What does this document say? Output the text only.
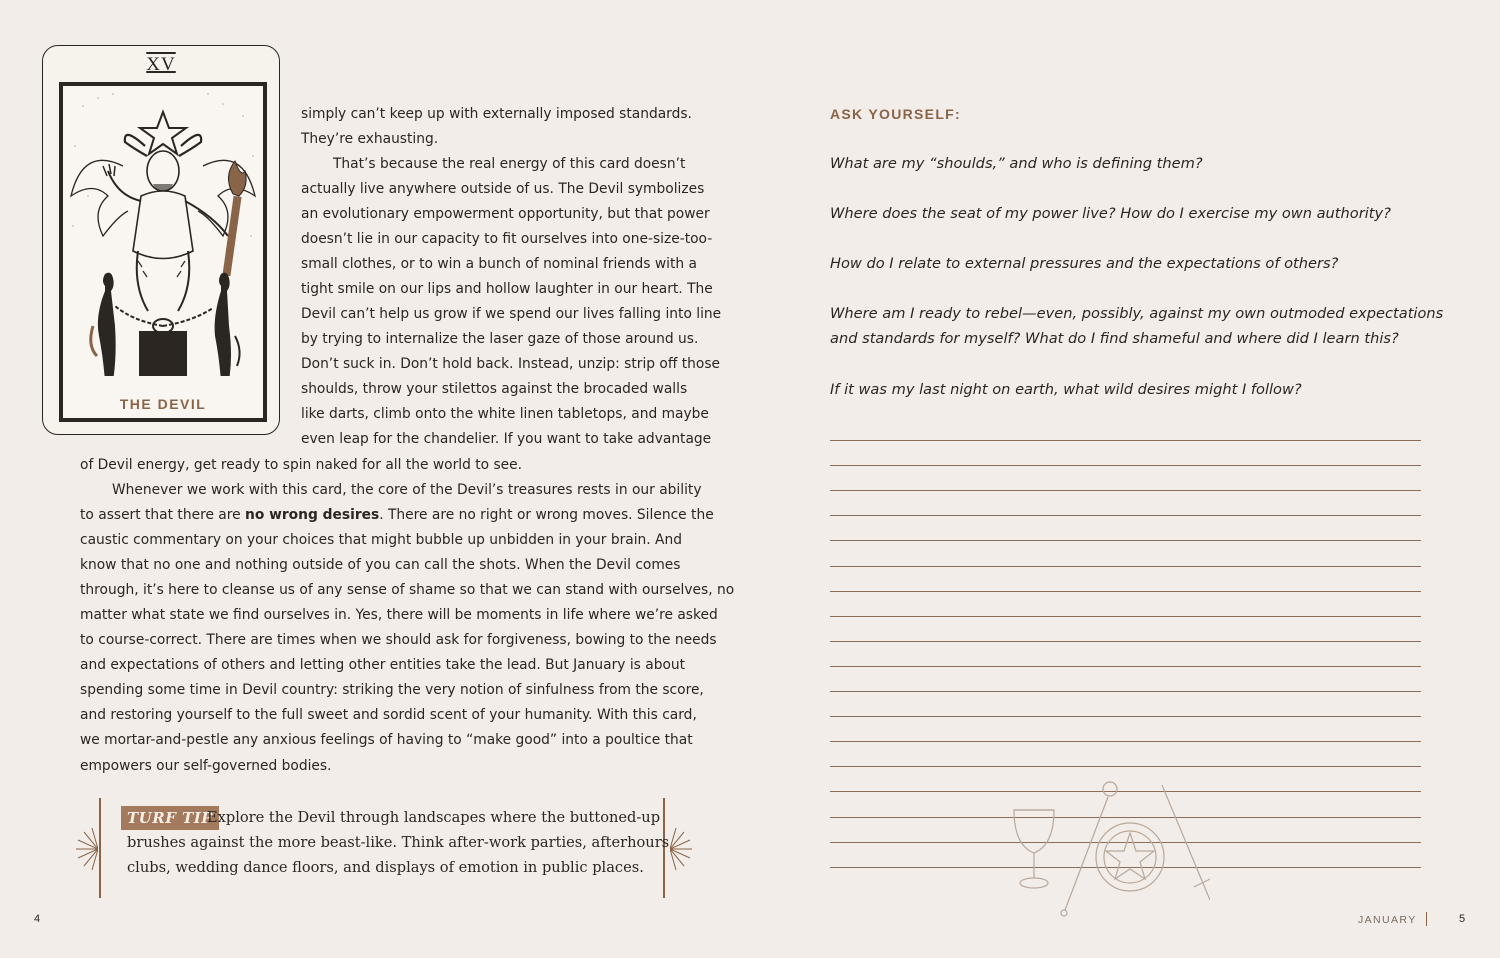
XV
THE DEVIL
simply can’t keep up with externally imposed standards.
They’re exhausting.
That’s because the real energy of this card doesn’t
actually live anywhere outside of us. The Devil symbolizes
an evolutionary empowerment opportunity, but that power
doesn’t lie in our capacity to fit ourselves into one-size-too-
small clothes, or to win a bunch of nominal friends with a
tight smile on our lips and hollow laughter in our heart. The
Devil can’t help us grow if we spend our lives falling into line
by trying to internalize the laser gaze of those around us.
Don’t suck in. Don’t hold back. Instead, unzip: strip off those
shoulds, throw your stilettos against the brocaded walls
like darts, climb onto the white linen tabletops, and maybe
even leap for the chandelier. If you want to take advantage
of Devil energy, get ready to spin naked for all the world to see.
Whenever we work with this card, the core of the Devil’s treasures rests in our ability
to assert that there are no wrong desires. There are no right or wrong moves. Silence the
caustic commentary on your choices that might bubble up unbidden in your brain. And
know that no one and nothing outside of you can call the shots. When the Devil comes
through, it’s here to cleanse us of any sense of shame so that we can stand with ourselves, no
matter what state we find ourselves in. Yes, there will be moments in life where we’re asked
to course-correct. There are times when we should ask for forgiveness, bowing to the needs
and expectations of others and letting other entities take the lead. But January is about
spending some time in Devil country: striking the very notion of sinfulness from the score,
and restoring yourself to the full sweet and sordid scent of your humanity. With this card,
we mortar-and-pestle any anxious feelings of having to “make good” into a poultice that
empowers our self-governed bodies.
TURF TIP
Explore the Devil through landscapes where the buttoned-up
brushes against the more beast-like. Think after-work parties, afterhours
clubs, wedding dance floors, and displays of emotion in public places.
4
ASK YOURSELF:
What are my “shoulds,” and who is defining them?
Where does the seat of my power live? How do I exercise my own authority?
How do I relate to external pressures and the expectations of others?
Where am I ready to rebel—even, possibly, against my own outmoded expectations
and standards for myself? What do I find shameful and where did I learn this?
If it was my last night on earth, what wild desires might I follow?
JANUARY	5
